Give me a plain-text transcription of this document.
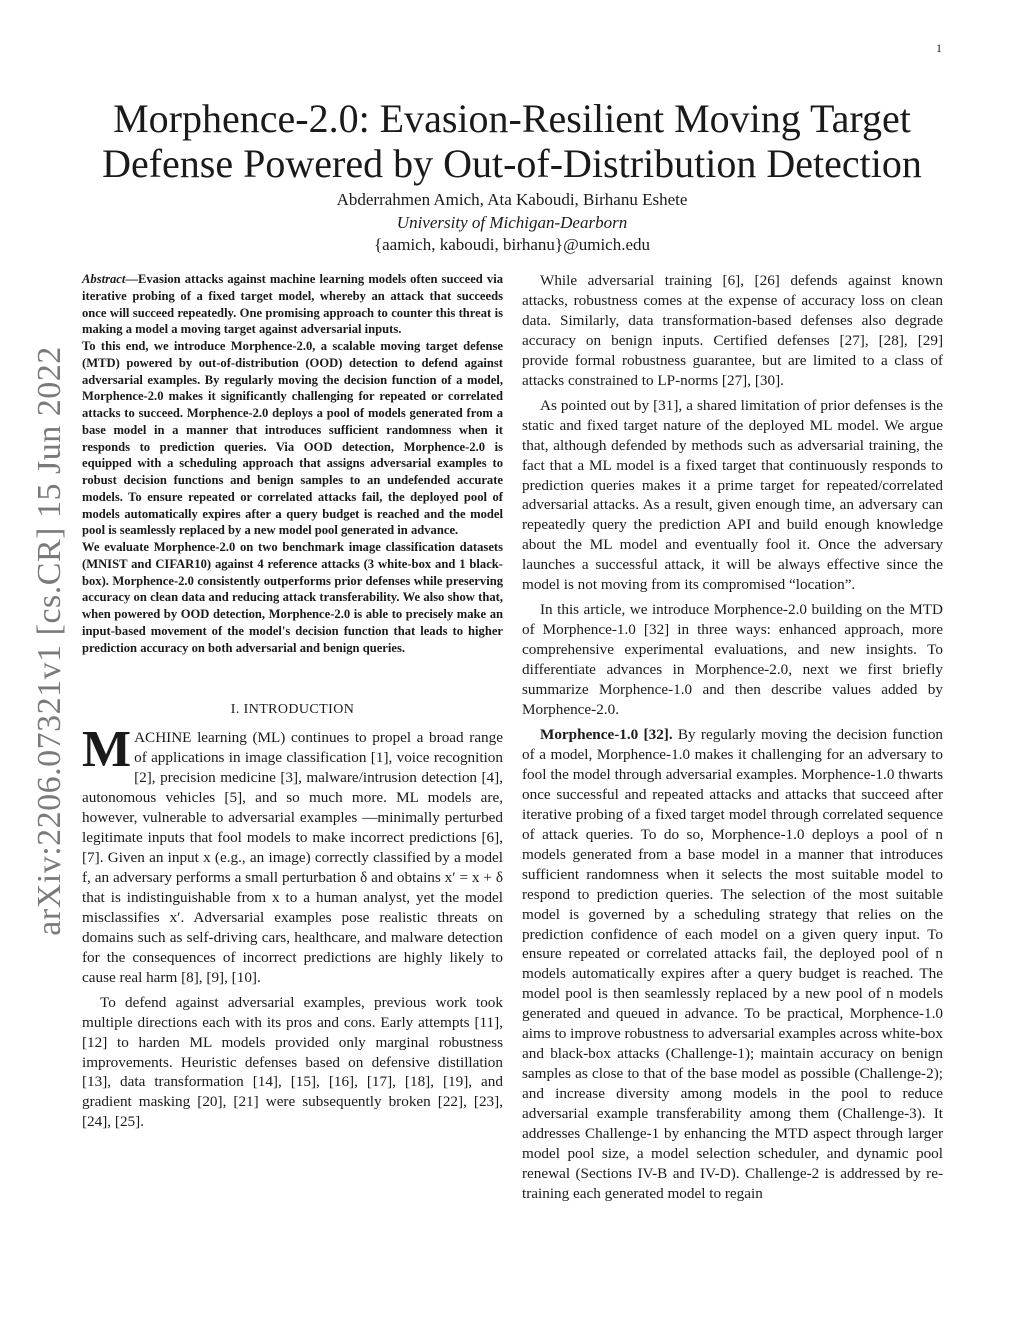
1
arXiv:2206.07321v1 [cs.CR] 15 Jun 2022
Morphence-2.0: Evasion-Resilient Moving Target Defense Powered by Out-of-Distribution Detection
Abderrahmen Amich, Ata Kaboudi, Birhanu Eshete
University of Michigan-Dearborn
{aamich, kaboudi, birhanu}@umich.edu

Abstract—Evasion attacks against machine learning models often succeed via iterative probing of a fixed target model, whereby an attack that succeeds once will succeed repeatedly. One promising approach to counter this threat is making a model a moving target against adversarial inputs.

To this end, we introduce Morphence-2.0, a scalable moving target defense (MTD) powered by out-of-distribution (OOD) detection to defend against adversarial examples. By regularly moving the decision function of a model, Morphence-2.0 makes it significantly challenging for repeated or correlated attacks to succeed. Morphence-2.0 deploys a pool of models generated from a base model in a manner that introduces sufficient randomness when it responds to prediction queries. Via OOD detection, Morphence-2.0 is equipped with a scheduling approach that assigns adversarial examples to robust decision functions and benign samples to an undefended accurate models. To ensure repeated or correlated attacks fail, the deployed pool of models automatically expires after a query budget is reached and the model pool is seamlessly replaced by a new model pool generated in advance.

We evaluate Morphence-2.0 on two benchmark image classification datasets (MNIST and CIFAR10) against 4 reference attacks (3 white-box and 1 black-box). Morphence-2.0 consistently outperforms prior defenses while preserving accuracy on clean data and reducing attack transferability. We also show that, when powered by OOD detection, Morphence-2.0 is able to precisely make an input-based movement of the model's decision function that leads to higher prediction accuracy on both adversarial and benign queries.

I. INTRODUCTION

MACHINE learning (ML) continues to propel a broad range of applications in image classification [1], voice recognition [2], precision medicine [3], malware/intrusion detection [4], autonomous vehicles [5], and so much more. ML models are, however, vulnerable to adversarial examples —minimally perturbed legitimate inputs that fool models to make incorrect predictions [6], [7]. Given an input x (e.g., an image) correctly classified by a model f, an adversary performs a small perturbation δ and obtains x′ = x + δ that is indistinguishable from x to a human analyst, yet the model misclassifies x′. Adversarial examples pose realistic threats on domains such as self-driving cars, healthcare, and malware detection for the consequences of incorrect predictions are highly likely to cause real harm [8], [9], [10].

To defend against adversarial examples, previous work took multiple directions each with its pros and cons. Early attempts [11], [12] to harden ML models provided only marginal robustness improvements. Heuristic defenses based on defensive distillation [13], data transformation [14], [15], [16], [17], [18], [19], and gradient masking [20], [21] were subsequently broken [22], [23], [24], [25].

While adversarial training [6], [26] defends against known attacks, robustness comes at the expense of accuracy loss on clean data. Similarly, data transformation-based defenses also degrade accuracy on benign inputs. Certified defenses [27], [28], [29] provide formal robustness guarantee, but are limited to a class of attacks constrained to LP-norms [27], [30].

As pointed out by [31], a shared limitation of prior defenses is the static and fixed target nature of the deployed ML model. We argue that, although defended by methods such as adversarial training, the fact that a ML model is a fixed target that continuously responds to prediction queries makes it a prime target for repeated/correlated adversarial attacks. As a result, given enough time, an adversary can repeatedly query the prediction API and build enough knowledge about the ML model and eventually fool it. Once the adversary launches a successful attack, it will be always effective since the model is not moving from its compromised “location”.

In this article, we introduce Morphence-2.0 building on the MTD of Morphence-1.0 [32] in three ways: enhanced approach, more comprehensive experimental evaluations, and new insights. To differentiate advances in Morphence-2.0, next we first briefly summarize Morphence-1.0 and then describe values added by Morphence-2.0.

Morphence-1.0 [32]. By regularly moving the decision function of a model, Morphence-1.0 makes it challenging for an adversary to fool the model through adversarial examples. Morphence-1.0 thwarts once successful and repeated attacks and attacks that succeed after iterative probing of a fixed target model through correlated sequence of attack queries. To do so, Morphence-1.0 deploys a pool of n models generated from a base model in a manner that introduces sufficient randomness when it selects the most suitable model to respond to prediction queries. The selection of the most suitable model is governed by a scheduling strategy that relies on the prediction confidence of each model on a given query input. To ensure repeated or correlated attacks fail, the deployed pool of n models automatically expires after a query budget is reached. The model pool is then seamlessly replaced by a new pool of n models generated and queued in advance. To be practical, Morphence-1.0 aims to improve robustness to adversarial examples across white-box and black-box attacks (Challenge-1); maintain accuracy on benign samples as close to that of the base model as possible (Challenge-2); and increase diversity among models in the pool to reduce adversarial example transferability among them (Challenge-3). It addresses Challenge-1 by enhancing the MTD aspect through larger model pool size, a model selection scheduler, and dynamic pool renewal (Sections IV-B and IV-D). Challenge-2 is addressed by re-training each generated model to regain
